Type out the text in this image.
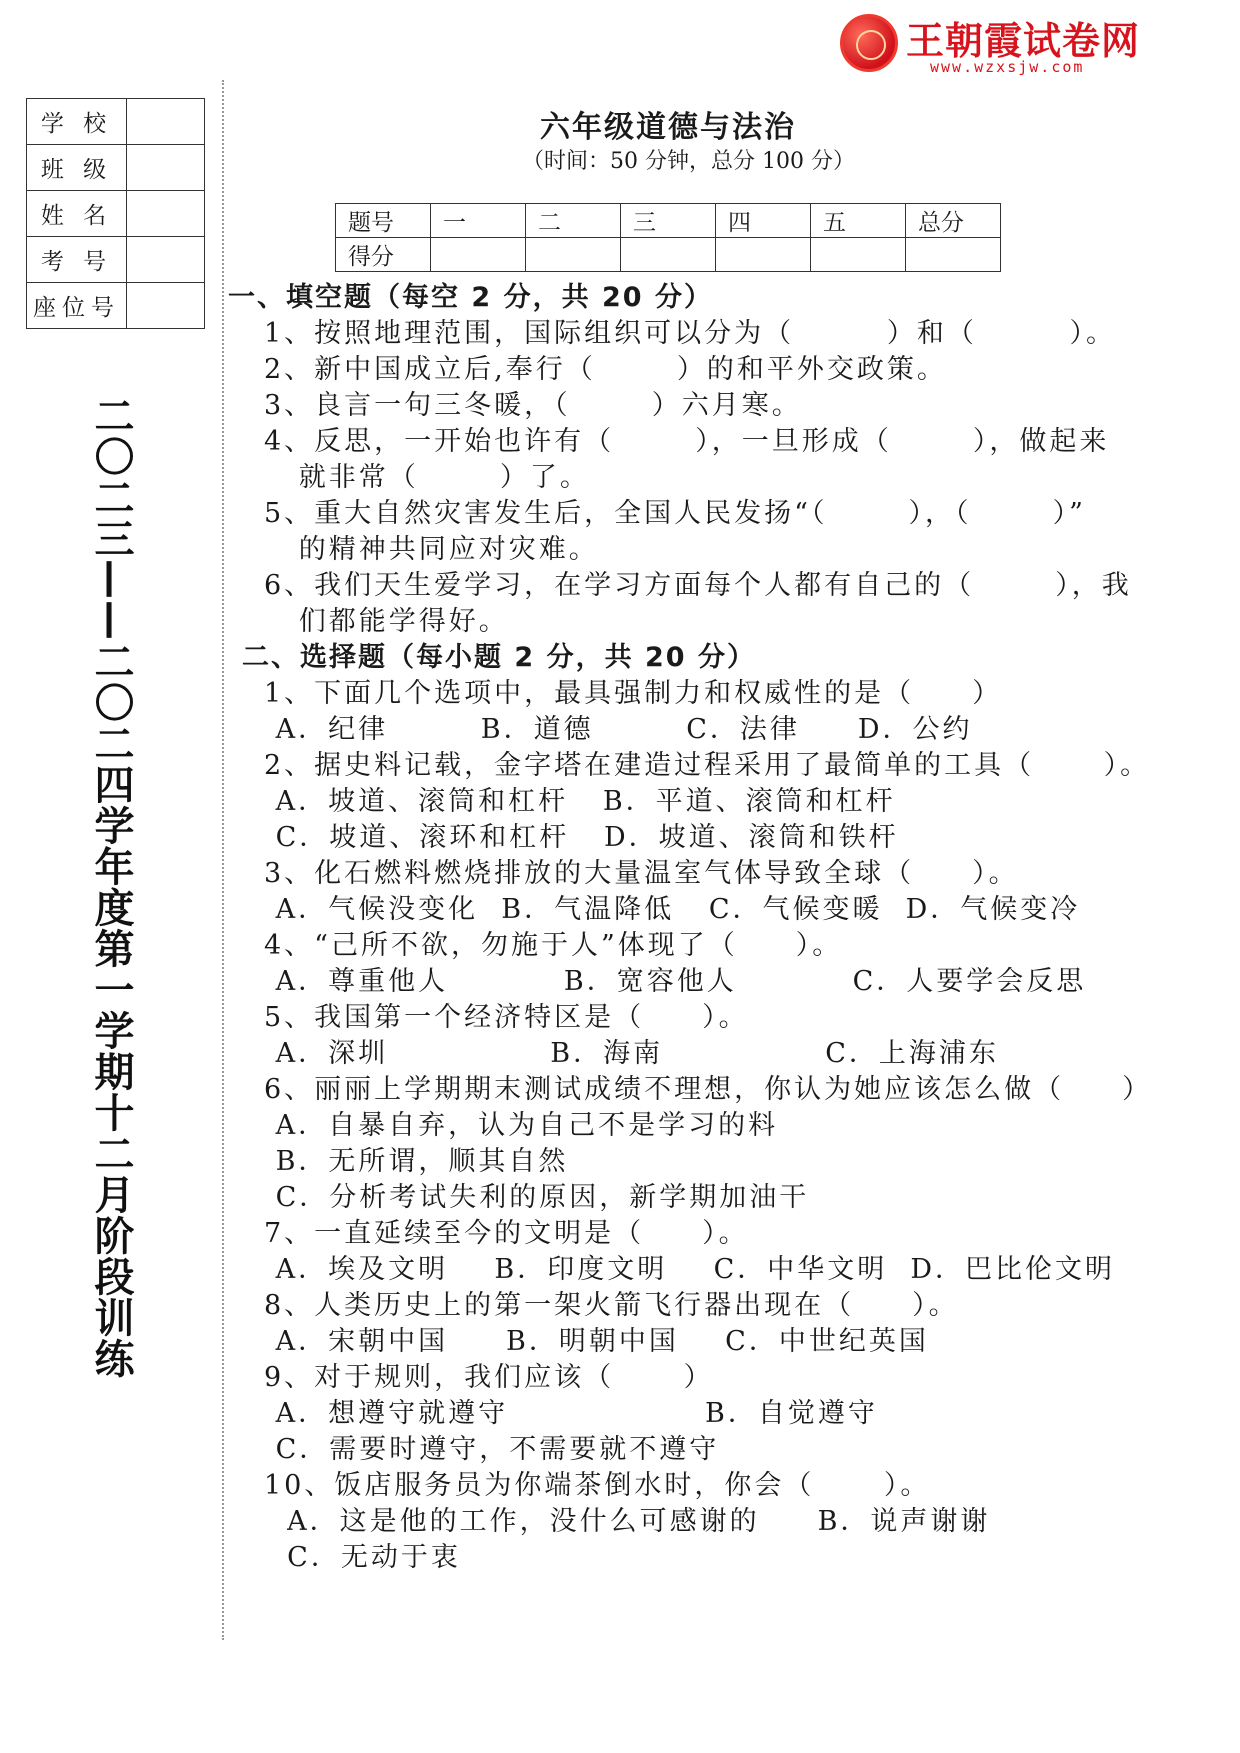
王朝霞试卷网
www.wzxsjw.com
学 校	
班 级	
姓 名	
考 号	
座位号	
二〇二三——二〇二四学年度第一学期十二月阶段训练
六年级道德与法治
（时间：50 分钟，总分 100 分）
题号	一	二	三	四	五	总分
得分						
一、填空题（每空 2 分，共 20 分）
1、按照地理范围，国际组织可以分为（        ）和（        ）。
2、新中国成立后,奉行（       ）的和平外交政策。
3、良言一句三冬暖，（       ）六月寒。
4、反思，一开始也许有（       ），一旦形成（       ），做起来
就非常（       ）了。
5、重大自然灾害发生后，全国人民发扬“（       ），（       ）”
的精神共同应对灾难。
6、我们天生爱学习，在学习方面每个人都有自己的（       ），我
们都能学得好。
二、选择题（每小题 2 分，共 20 分）
1、下面几个选项中，最具强制力和权威性的是（     ）
A．纪律        B．道德        C．法律     D．公约
2、据史料记载，金字塔在建造过程采用了最简单的工具（      ）。
A．坡道、滚筒和杠杆   B．平道、滚筒和杠杆
C．坡道、滚环和杠杆   D．坡道、滚筒和铁杆
3、化石燃料燃烧排放的大量温室气体导致全球（     ）。
A．气候没变化  B．气温降低   C．气候变暖  D．气候变冷
4、“己所不欲，勿施于人”体现了（     ）。
A．尊重他人          B．宽容他人          C．人要学会反思
5、我国第一个经济特区是（     ）。
A．深圳              B．海南              C．上海浦东
6、丽丽上学期期末测试成绩不理想，你认为她应该怎么做（     ）
A．自暴自弃，认为自己不是学习的料
B．无所谓，顺其自然
C．分析考试失利的原因，新学期加油干
7、一直延续至今的文明是（     ）。
A．埃及文明    B．印度文明    C．中华文明  D．巴比伦文明
8、人类历史上的第一架火箭飞行器出现在（     ）。
A．宋朝中国     B．明朝中国    C．中世纪英国
9、对于规则，我们应该（      ）
A．想遵守就遵守                 B．自觉遵守
C．需要时遵守，不需要就不遵守
10、饭店服务员为你端茶倒水时，你会（      ）。
A．这是他的工作，没什么可感谢的     B．说声谢谢
C．无动于衷
